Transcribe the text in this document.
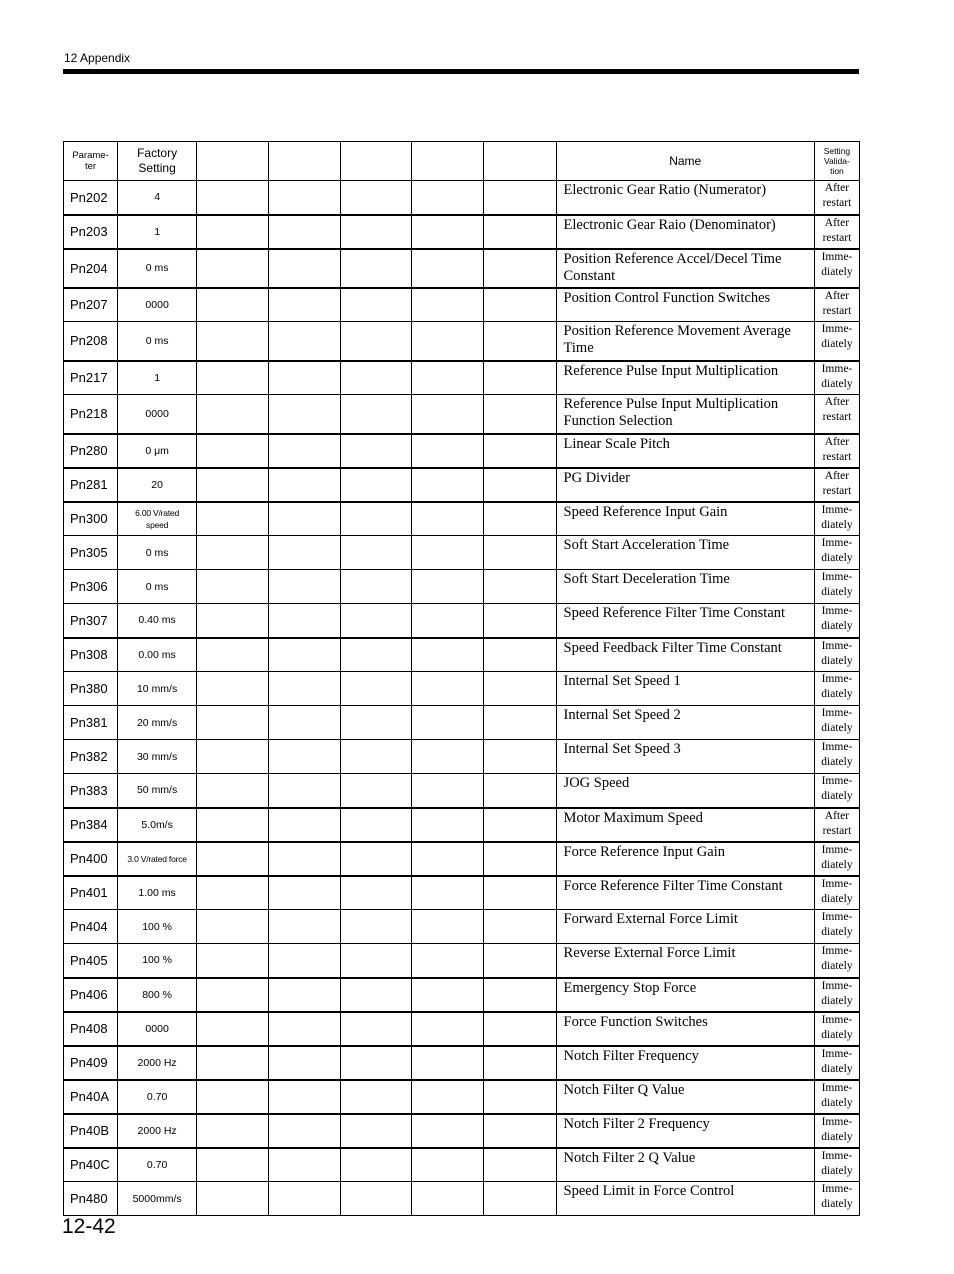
12 Appendix
Parame-
ter	Factory
Setting						Name	Setting
Valida-
tion
Pn202	4						Electronic Gear Ratio (Numerator)	After
restart
Pn203	1						Electronic Gear Raio (Denominator)	After
restart
Pn204	0 ms						Position Reference Accel/Decel Time Constant	Imme-
diately
Pn207	0000						Position Control Function Switches	After
restart
Pn208	0 ms						Position Reference Movement Average Time	Imme-
diately
Pn217	1						Reference Pulse Input Multiplication	Imme-
diately
Pn218	0000						Reference Pulse Input Multiplication Function Selection	After
restart
Pn280	0 μm						Linear Scale Pitch	After
restart
Pn281	20						PG Divider	After
restart
Pn300	6.00 V/rated
speed						Speed Reference Input Gain	Imme-
diately
Pn305	0 ms						Soft Start Acceleration Time	Imme-
diately
Pn306	0 ms						Soft Start Deceleration Time	Imme-
diately
Pn307	0.40 ms						Speed Reference Filter Time Constant	Imme-
diately
Pn308	0.00 ms						Speed Feedback Filter Time Constant	Imme-
diately
Pn380	10 mm/s						Internal Set Speed 1	Imme-
diately
Pn381	20 mm/s						Internal Set Speed 2	Imme-
diately
Pn382	30 mm/s						Internal Set Speed 3	Imme-
diately
Pn383	50 mm/s						JOG Speed	Imme-
diately
Pn384	5.0m/s						Motor Maximum Speed	After
restart
Pn400	3.0 V/rated force						Force Reference Input Gain	Imme-
diately
Pn401	1.00 ms						Force Reference Filter Time Constant	Imme-
diately
Pn404	100 %						Forward External Force Limit	Imme-
diately
Pn405	100 %						Reverse External Force Limit	Imme-
diately
Pn406	800 %						Emergency Stop Force	Imme-
diately
Pn408	0000						Force Function Switches	Imme-
diately
Pn409	2000 Hz						Notch Filter Frequency	Imme-
diately
Pn40A	0.70						Notch Filter Q Value	Imme-
diately
Pn40B	2000 Hz						Notch Filter 2 Frequency	Imme-
diately
Pn40C	0.70						Notch Filter 2 Q Value	Imme-
diately
Pn480	5000mm/s						Speed Limit in Force Control	Imme-
diately
12-42
